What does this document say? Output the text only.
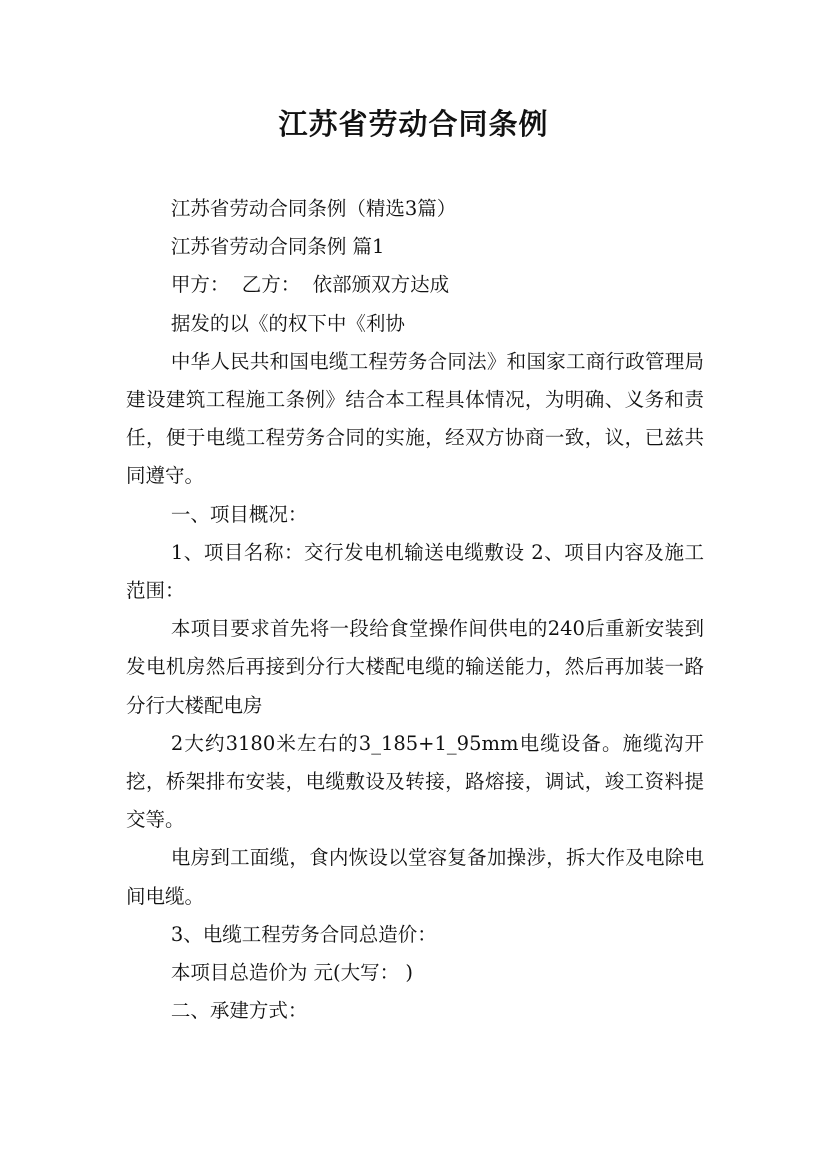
江苏省劳动合同条例

江苏省劳动合同条例（精选3篇）

江苏省劳动合同条例 篇1

甲方：  乙方：  依部颁双方达成

据发的以《的权下中《利协

中华人民共和国电缆工程劳务合同法》和国家工商行政管理局建设建筑工程施工条例》结合本工程具体情况，为明确、义务和责任，便于电缆工程劳务合同的实施，经双方协商一致，议，已兹共同遵守。

一、项目概况：

1、项目名称：交行发电机输送电缆敷设 2、项目内容及施工范围：

本项目要求首先将一段给食堂操作间供电的240后重新安装到发电机房然后再接到分行大楼配电缆的输送能力，然后再加装一路分行大楼配电房

2大约3180米左右的3_185+1_95mm电缆设备。施缆沟开挖，桥架排布安装，电缆敷设及转接，路熔接，调试，竣工资料提交等。

电房到工面缆，食内恢设以堂容复备加操涉，拆大作及电除电间电缆。

3、电缆工程劳务合同总造价：

本项目总造价为 元(大写： )

二、承建方式：
